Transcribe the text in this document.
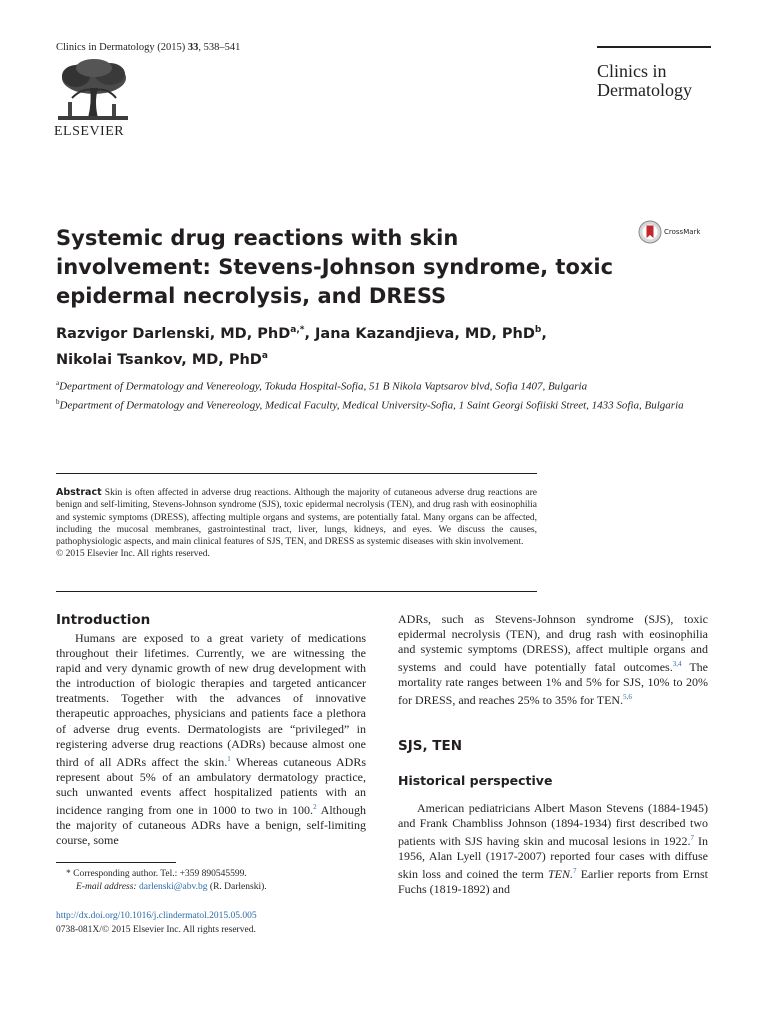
Clinics in Dermatology (2015) 33, 538–541
ELSEVIER
Clinics in
Dermatology
Systemic drug reactions with skin involvement: Stevens-Johnson syndrome, toxic epidermal necrolysis, and DRESS
CrossMark
Razvigor Darlenski, MD, PhD$^{a,*}$, Jana Kazandjieva, MD, PhD$^b$,
Nikolai Tsankov, MD, PhD$^a$
$^a$Department of Dermatology and Venereology, Tokuda Hospital-Sofia, 51 B Nikola Vaptsarov blvd, Sofia 1407, Bulgaria
$^b$Department of Dermatology and Venereology, Medical Faculty, Medical University-Sofia, 1 Saint Georgi Sofiiski Street, 1433 Sofia, Bulgaria
Abstract Skin is often affected in adverse drug reactions. Although the majority of cutaneous adverse drug reactions are benign and self-limiting, Stevens-Johnson syndrome (SJS), toxic epidermal necrolysis (TEN), and drug rash with eosinophilia and systemic symptoms (DRESS), affecting multiple organs and systems, are potentially fatal. Many organs can be affected, including the mucosal membranes, gastrointestinal tract, liver, lungs, kidneys, and eyes. We discuss the causes, pathophysiologic aspects, and main clinical features of SJS, TEN, and DRESS as systemic diseases with skin involvement.
© 2015 Elsevier Inc. All rights reserved.
Introduction
Humans are exposed to a great variety of medications throughout their lifetimes. Currently, we are witnessing the rapid and very dynamic growth of new drug development with the introduction of biologic therapies and targeted anticancer treatments. Together with the advances of innovative therapeutic approaches, physicians and patients face a plethora of adverse drug events. Dermatologists are “privileged” in registering adverse drug reactions (ADRs) because almost one third of all ADRs affect the skin.$^1$ Whereas cutaneous ADRs represent about 5% of an ambulatory dermatology practice, such unwanted events affect hospitalized patients with an incidence ranging from one in 1000 to two in 100.$^2$ Although the majority of cutaneous ADRs have a benign, self-limiting course, some
ADRs, such as Stevens-Johnson syndrome (SJS), toxic epidermal necrolysis (TEN), and drug rash with eosinophilia and systemic symptoms (DRESS), affect multiple organs and systems and could have potentially fatal outcomes.$^{3,4}$ The mortality rate ranges between 1% and 5% for SJS, 10% to 20% for DRESS, and reaches 25% to 35% for TEN.$^{5,6}$
SJS, TEN
Historical perspective
American pediatricians Albert Mason Stevens (1884-1945) and Frank Chambliss Johnson (1894-1934) first described two patients with SJS having skin and mucosal lesions in 1922.$^7$ In 1956, Alan Lyell (1917-2007) reported four cases with diffuse skin loss and coined the term TEN.$^7$ Earlier reports from Ernst Fuchs (1819-1892) and
* Corresponding author. Tel.: +359 890545599.
E-mail address: darlenski@abv.bg (R. Darlenski).
http://dx.doi.org/10.1016/j.clindermatol.2015.05.005
0738-081X/© 2015 Elsevier Inc. All rights reserved.
